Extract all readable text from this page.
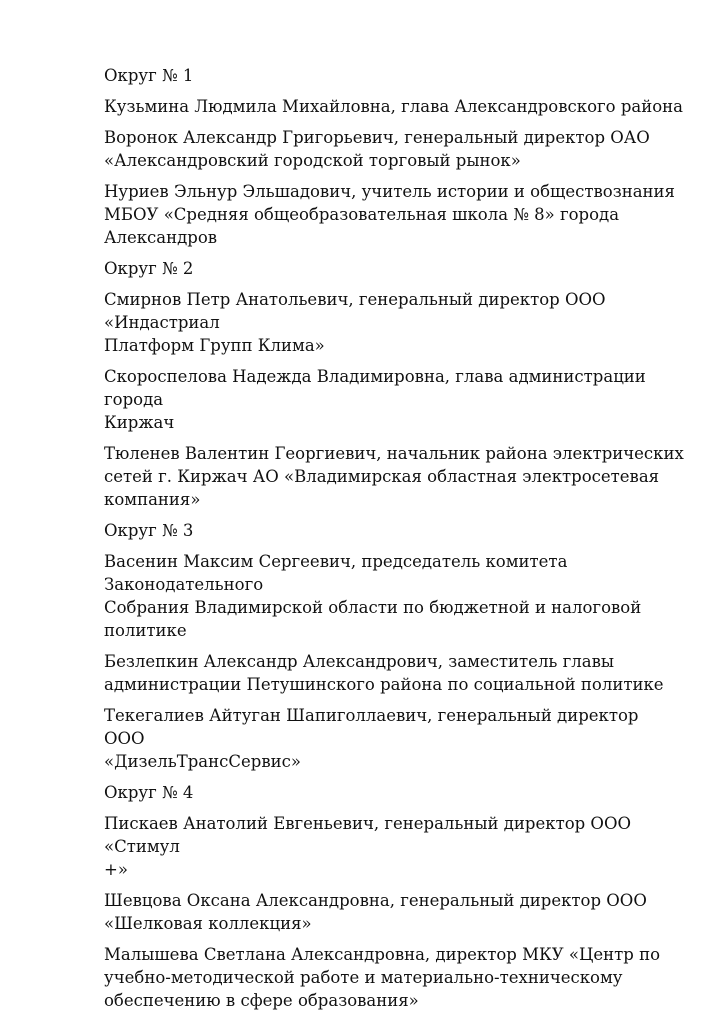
Округ № 1
Кузьмина Людмила Михайловна, глава Александровского района
Воронок Александр Григорьевич, генеральный директор ОАО
«Александровский городской торговый рынок»
Нуриев Эльнур Эльшадович, учитель истории и обществознания
МБОУ «Средняя общеобразовательная школа № 8» города
Александров
Округ № 2
Смирнов Петр Анатольевич, генеральный директор ООО «Индастриал
Платформ Групп Клима»
Скороспелова Надежда Владимировна, глава администрации города
Киржач
Тюленев Валентин Георгиевич, начальник района электрических
сетей г. Киржач АО «Владимирская областная электросетевая
компания»
Округ № 3
Васенин Максим Сергеевич, председатель комитета Законодательного
Собрания Владимирской области по бюджетной и налоговой
политике
Безлепкин Александр Александрович, заместитель главы
администрации Петушинского района по социальной политике
Текегалиев Айтуган Шапиголлаевич, генеральный директор ООО
«ДизельТрансСервис»
Округ № 4
Пискаев Анатолий Евгеньевич, генеральный директор ООО «Стимул
+»
Шевцова Оксана Александровна, генеральный директор ООО
«Шелковая коллекция»
Малышева Светлана Александровна, директор МКУ «Центр по
учебно-методической работе и материально-техническому
обеспечению в сфере образования»
